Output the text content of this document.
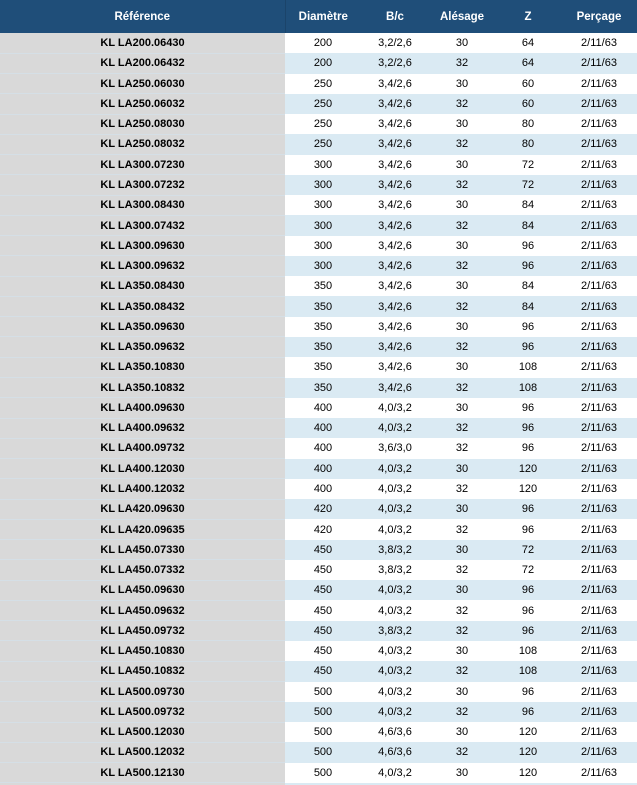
Référence	Diamètre	B/c	Alésage	Z	Perçage
KL LA200.06430	200	3,2/2,6	30	64	2/11/63
KL LA200.06432	200	3,2/2,6	32	64	2/11/63
KL LA250.06030	250	3,4/2,6	30	60	2/11/63
KL LA250.06032	250	3,4/2,6	32	60	2/11/63
KL LA250.08030	250	3,4/2,6	30	80	2/11/63
KL LA250.08032	250	3,4/2,6	32	80	2/11/63
KL LA300.07230	300	3,4/2,6	30	72	2/11/63
KL LA300.07232	300	3,4/2,6	32	72	2/11/63
KL LA300.08430	300	3,4/2,6	30	84	2/11/63
KL LA300.07432	300	3,4/2,6	32	84	2/11/63
KL LA300.09630	300	3,4/2,6	30	96	2/11/63
KL LA300.09632	300	3,4/2,6	32	96	2/11/63
KL LA350.08430	350	3,4/2,6	30	84	2/11/63
KL LA350.08432	350	3,4/2,6	32	84	2/11/63
KL LA350.09630	350	3,4/2,6	30	96	2/11/63
KL LA350.09632	350	3,4/2,6	32	96	2/11/63
KL LA350.10830	350	3,4/2,6	30	108	2/11/63
KL LA350.10832	350	3,4/2,6	32	108	2/11/63
KL LA400.09630	400	4,0/3,2	30	96	2/11/63
KL LA400.09632	400	4,0/3,2	32	96	2/11/63
KL LA400.09732	400	3,6/3,0	32	96	2/11/63
KL LA400.12030	400	4,0/3,2	30	120	2/11/63
KL LA400.12032	400	4,0/3,2	32	120	2/11/63
KL LA420.09630	420	4,0/3,2	30	96	2/11/63
KL LA420.09635	420	4,0/3,2	32	96	2/11/63
KL LA450.07330	450	3,8/3,2	30	72	2/11/63
KL LA450.07332	450	3,8/3,2	32	72	2/11/63
KL LA450.09630	450	4,0/3,2	30	96	2/11/63
KL LA450.09632	450	4,0/3,2	32	96	2/11/63
KL LA450.09732	450	3,8/3,2	32	96	2/11/63
KL LA450.10830	450	4,0/3,2	30	108	2/11/63
KL LA450.10832	450	4,0/3,2	32	108	2/11/63
KL LA500.09730	500	4,0/3,2	30	96	2/11/63
KL LA500.09732	500	4,0/3,2	32	96	2/11/63
KL LA500.12030	500	4,6/3,6	30	120	2/11/63
KL LA500.12032	500	4,6/3,6	32	120	2/11/63
KL LA500.12130	500	4,0/3,2	30	120	2/11/63
